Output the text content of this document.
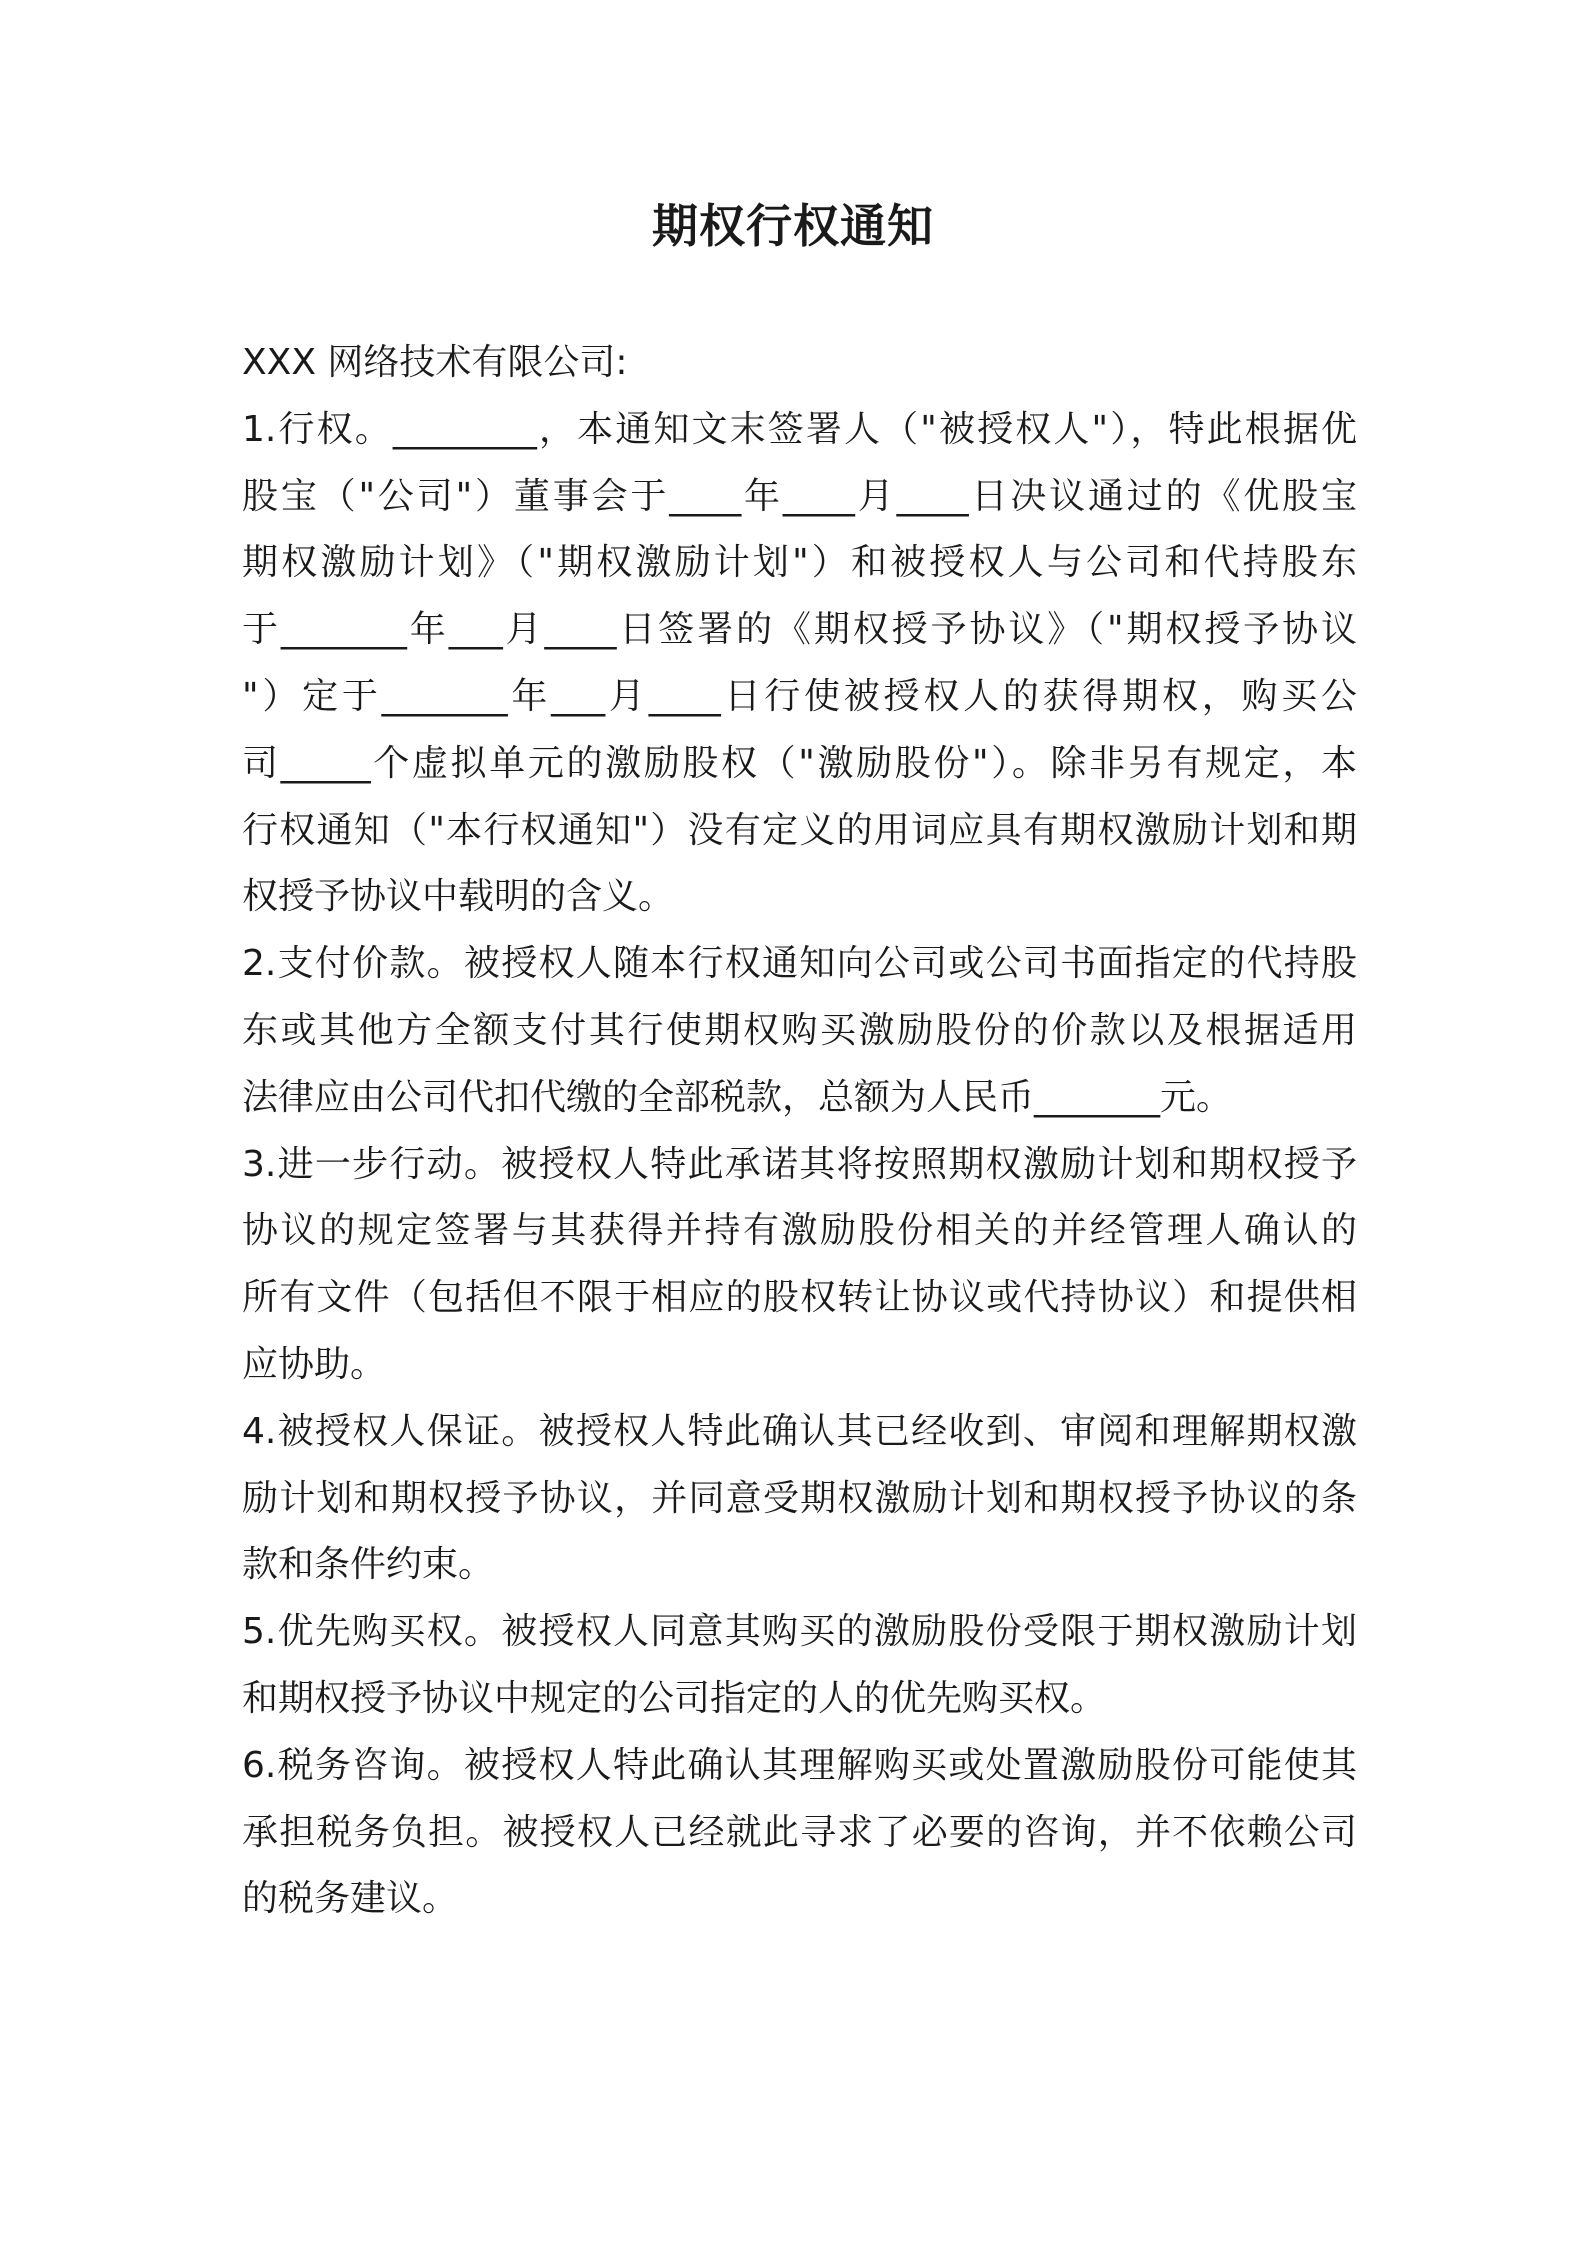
期权行权通知
XXX 网络技术有限公司:
1.行权。________，本通知文末签署人（"被授权人"），特此根据优
股宝（"公司"）董事会于____年____月____日决议通过的《优股宝
期权激励计划》（"期权激励计划"）和被授权人与公司和代持股东
于_______年___月____日签署的《期权授予协议》（"期权授予协议
"）定于_______年___月____日行使被授权人的获得期权，购买公
司_____个虚拟单元的激励股权（"激励股份"）。除非另有规定，本
行权通知（"本行权通知"）没有定义的用词应具有期权激励计划和期
权授予协议中载明的含义。
2.支付价款。被授权人随本行权通知向公司或公司书面指定的代持股
东或其他方全额支付其行使期权购买激励股份的价款以及根据适用
法律应由公司代扣代缴的全部税款，总额为人民币_______元。
3.进一步行动。被授权人特此承诺其将按照期权激励计划和期权授予
协议的规定签署与其获得并持有激励股份相关的并经管理人确认的
所有文件（包括但不限于相应的股权转让协议或代持协议）和提供相
应协助。
4.被授权人保证。被授权人特此确认其已经收到、审阅和理解期权激
励计划和期权授予协议，并同意受期权激励计划和期权授予协议的条
款和条件约束。
5.优先购买权。被授权人同意其购买的激励股份受限于期权激励计划
和期权授予协议中规定的公司指定的人的优先购买权。
6.税务咨询。被授权人特此确认其理解购买或处置激励股份可能使其
承担税务负担。被授权人已经就此寻求了必要的咨询，并不依赖公司
的税务建议。
